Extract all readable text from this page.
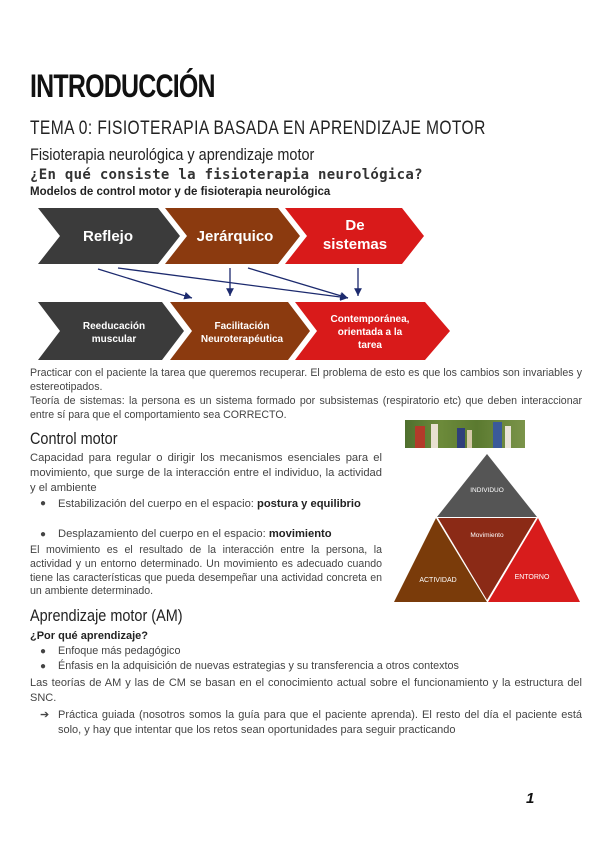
INTRODUCCIÓN
TEMA 0: FISIOTERAPIA BASADA EN APRENDIZAJE MOTOR
Fisioterapia neurológica y aprendizaje motor
¿En qué consiste la fisioterapia neurológica?
Modelos de control motor y de fisioterapia neurológica
Reflejo	Jerárquico
De
sistemas
Reeducación
muscular
Facilitación
Neuroterapéutica
Contemporánea,
orientada a la
tarea
Practicar con el paciente la tarea que queremos recuperar. El problema de esto es que los cambios son invariables y estereotipados.
Teoría de sistemas: la persona es un sistema formado por subsistemas (respiratorio etc) que deben interaccionar entre sí para que el comportamiento sea CORRECTO.
Control motor
Capacidad para regular o dirigir los mecanismos esenciales para el movimiento, que surge de la interacción entre el individuo, la actividad y el ambiente
● Estabilización del cuerpo en el espacio: postura y equilibrio
● Desplazamiento del cuerpo en el espacio: movimiento
El movimiento es el resultado de la interacción entre la persona, la actividad y un entorno determinado. Un movimiento es adecuado cuando tiene las características que pueda desempeñar una actividad concreta en un ambiente determinado.
INDIVIDUO
Movimiento
ACTIVIDAD	ENTORNO
Aprendizaje motor (AM)
¿Por qué aprendizaje?
● Enfoque más pedagógico
● Énfasis en la adquisición de nuevas estrategias y su transferencia a otros contextos
Las teorías de AM y las de CM se basan en el conocimiento actual sobre el funcionamiento y la estructura del SNC.
➔ Práctica guiada (nosotros somos la guía para que el paciente aprenda). El resto del día el paciente está solo, y hay que intentar que los retos sean oportunidades para seguir practicando
1
